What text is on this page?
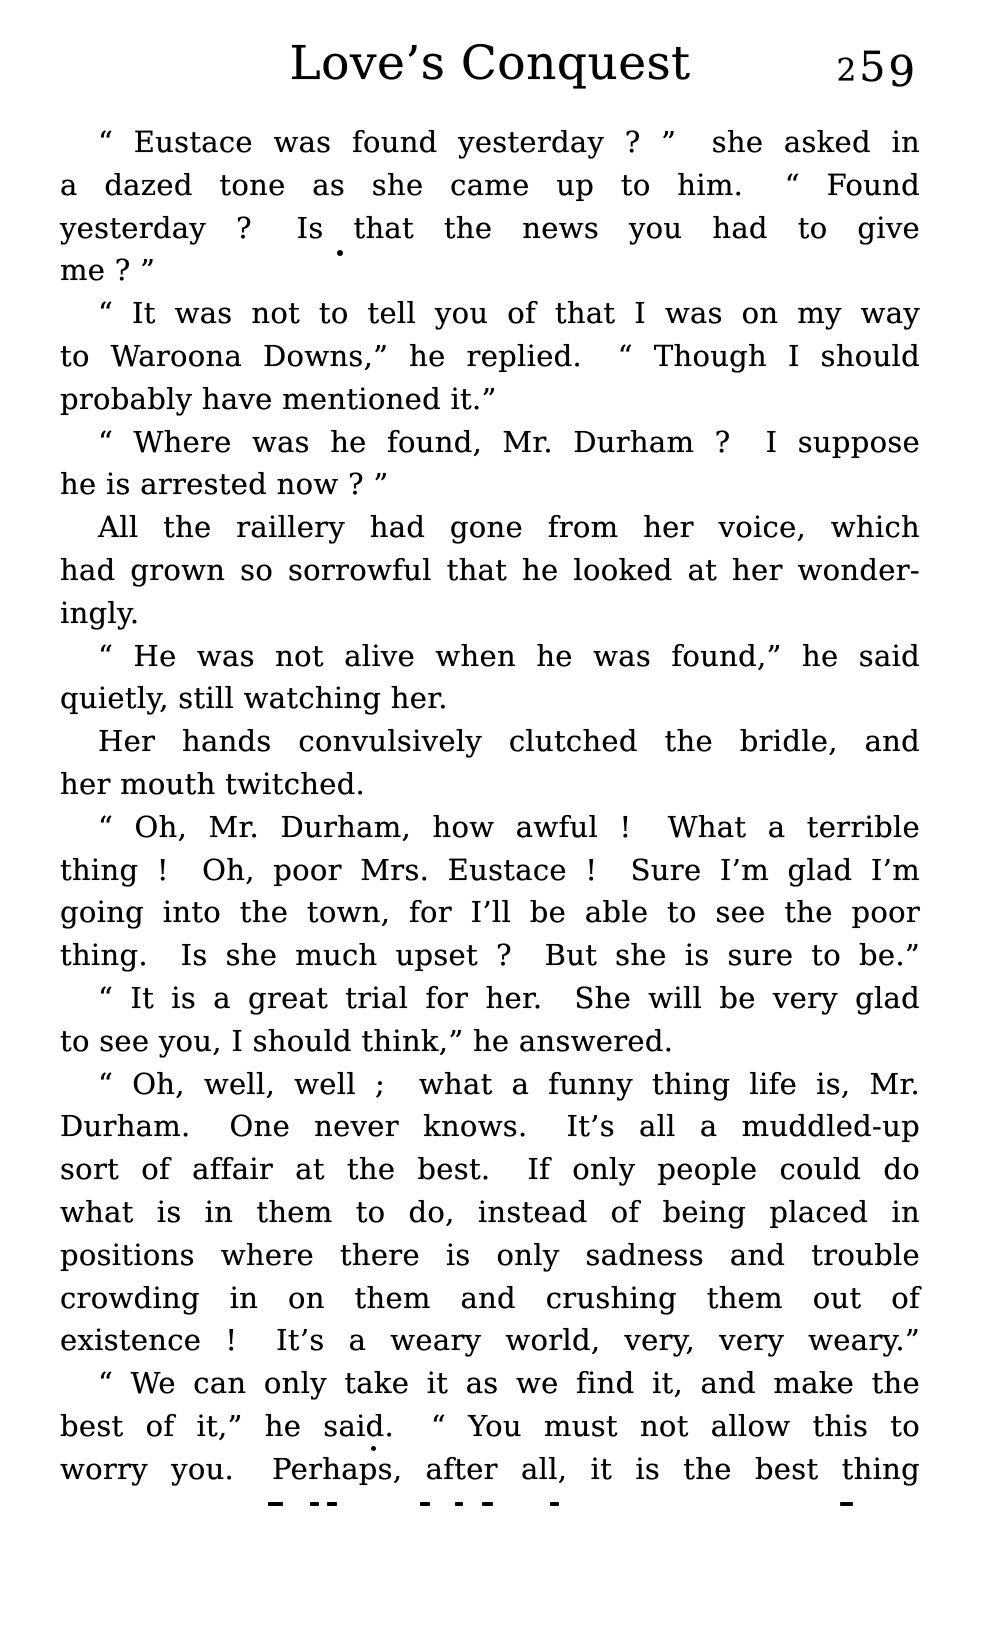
Love’s Conquest	259
“ Eustace was found yesterday ? ”  she asked in
a dazed tone as she came up to him.  “ Found
yesterday ?  Is that the news you had to give
me ? ”
“ It was not to tell you of that I was on my way
to Waroona Downs,” he replied.  “ Though I should
probably have mentioned it.”
“ Where was he found, Mr. Durham ?  I suppose
he is arrested now ? ”
All the raillery had gone from her voice, which
had grown so sorrowful that he looked at her wonder-
ingly.
“ He was not alive when he was found,” he said
quietly, still watching her.
Her hands convulsively clutched the bridle, and
her mouth twitched.
“ Oh, Mr. Durham, how awful !  What a terrible
thing !  Oh, poor Mrs. Eustace !  Sure I’m glad I’m
going into the town, for I’ll be able to see the poor
thing.  Is she much upset ?  But she is sure to be.”
“ It is a great trial for her.  She will be very glad
to see you, I should think,” he answered.
“ Oh, well, well ;  what a funny thing life is, Mr.
Durham.  One never knows.  It’s all a muddled-up
sort of affair at the best.  If only people could do
what is in them to do, instead of being placed in
positions where there is only sadness and trouble
crowding in on them and crushing them out of
existence !  It’s a weary world, very, very weary.”
“ We can only take it as we find it, and make the
best of it,” he said.  “ You must not allow this to
worry you.  Perhaps, after all, it is the best thing
